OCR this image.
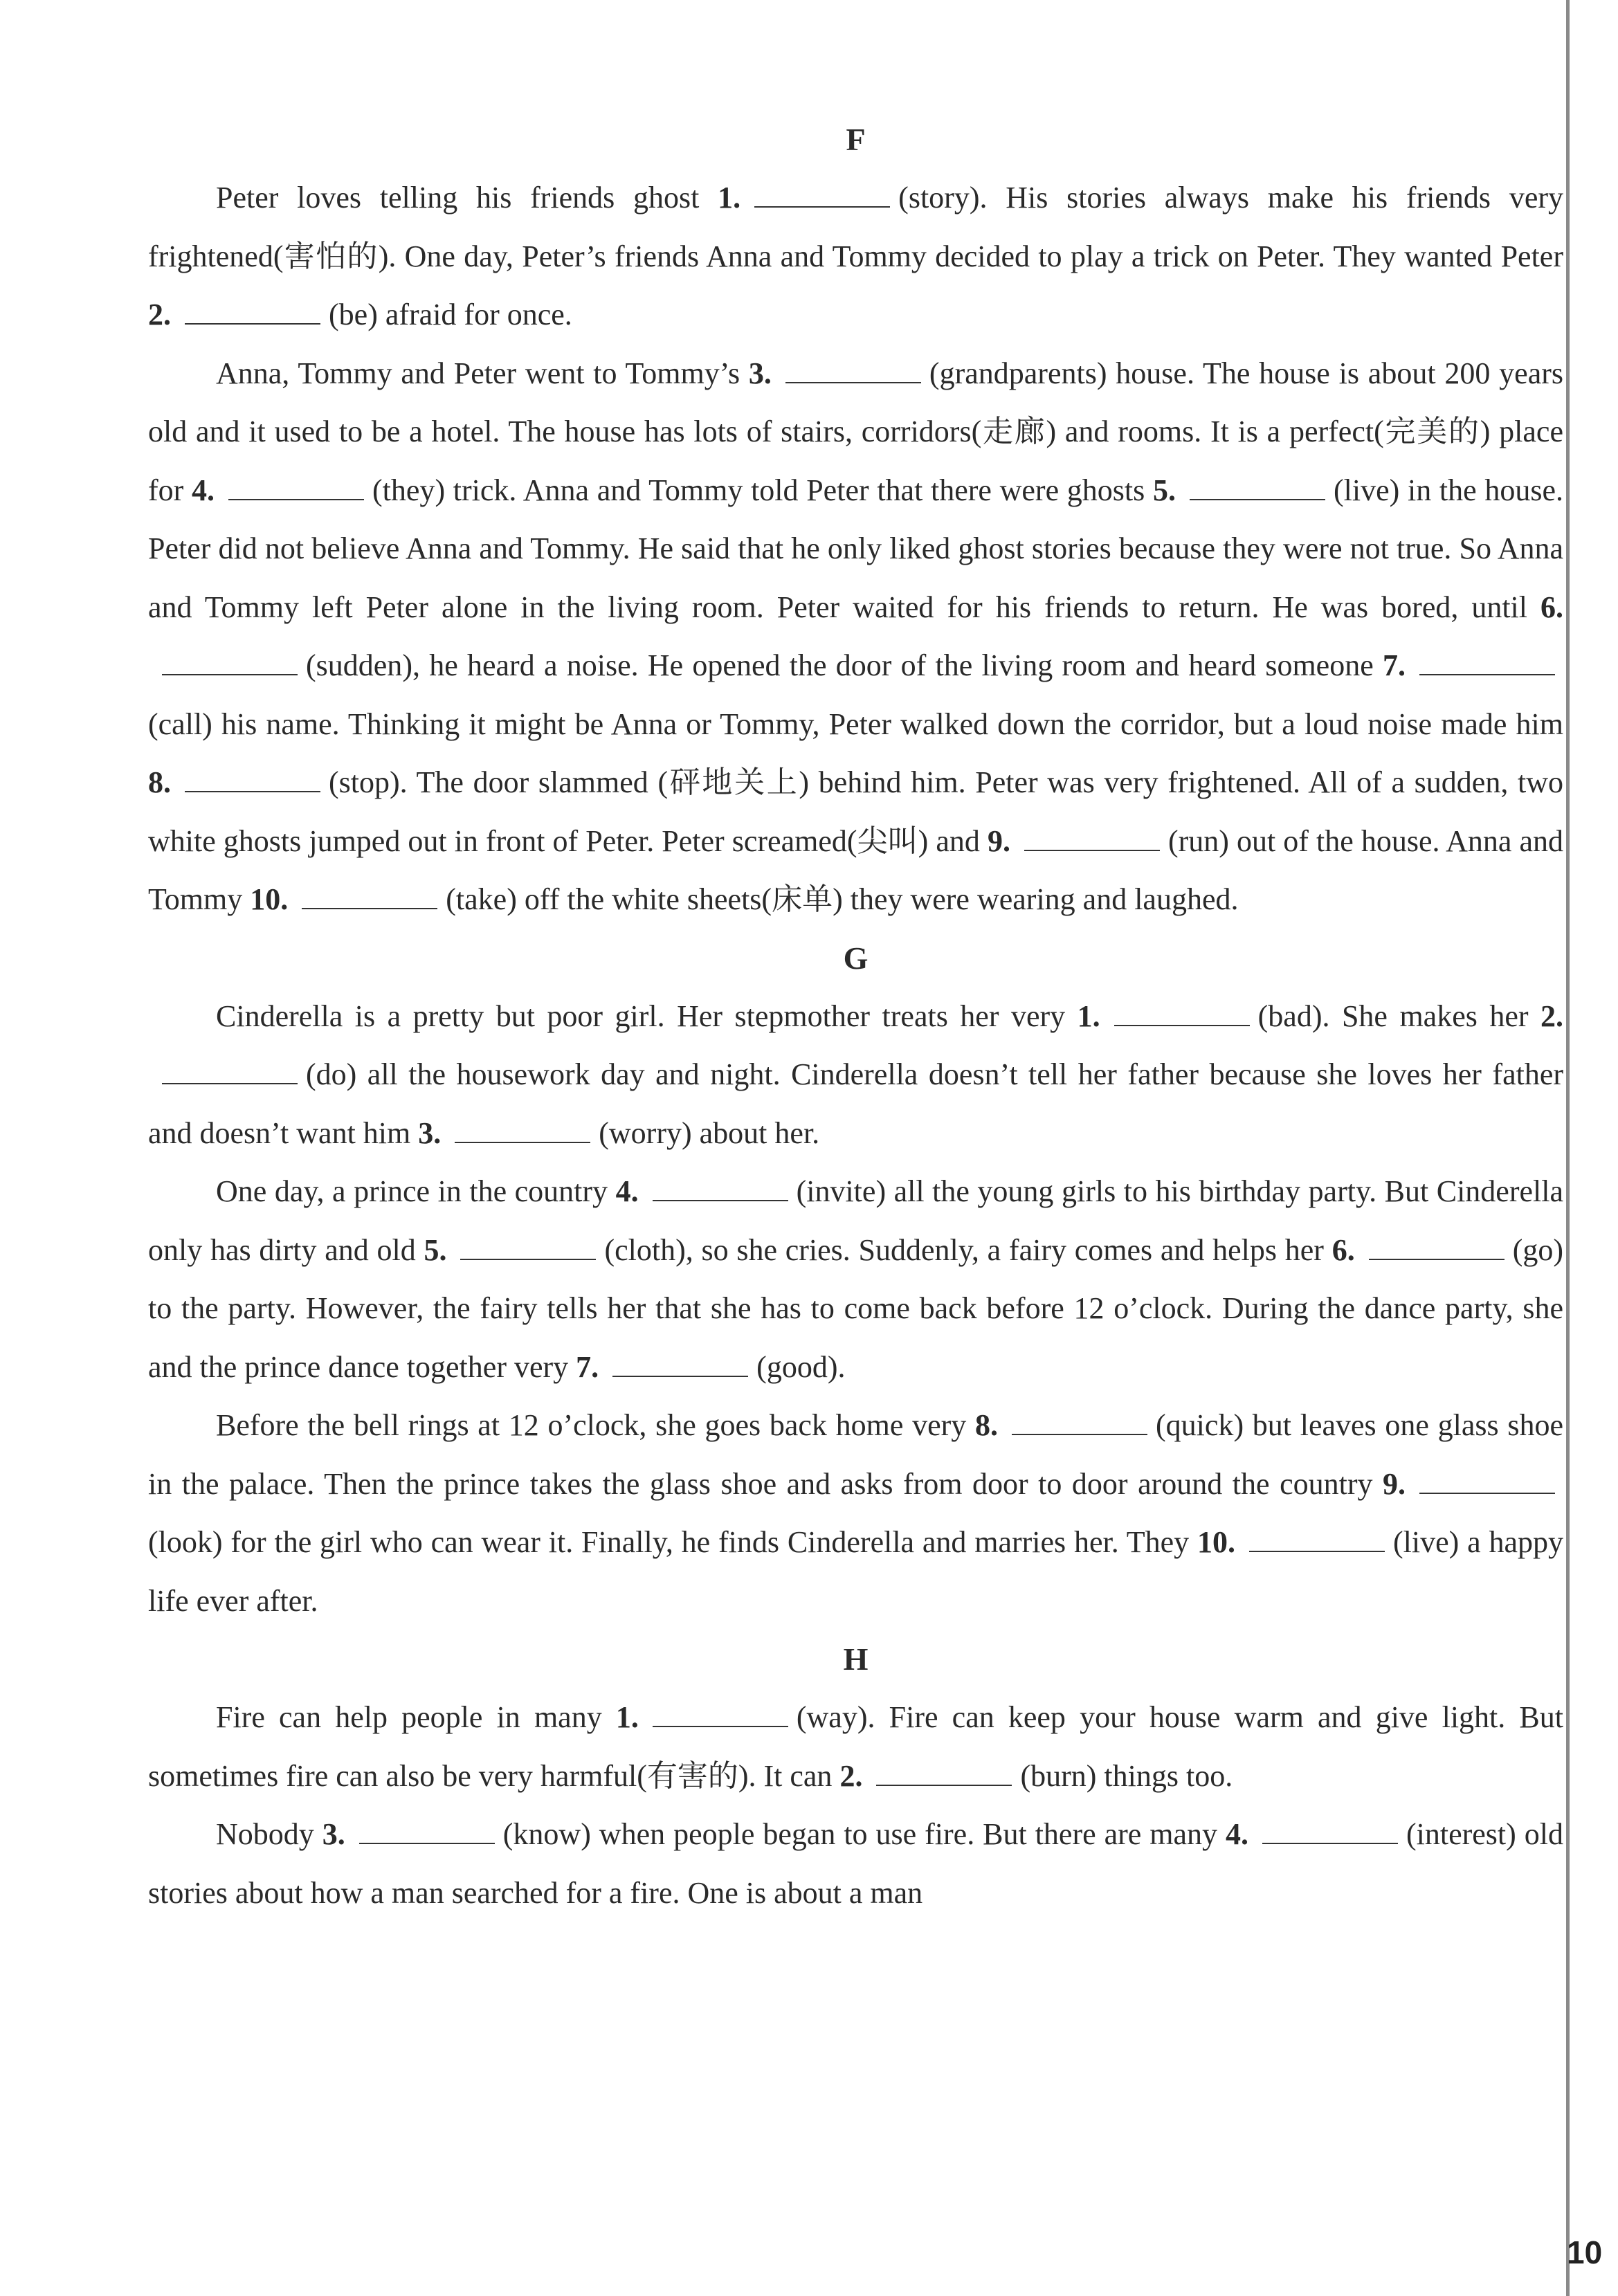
F

Peter loves telling his friends ghost 1.	(story). His stories always make his friends very frightened(害怕的). One day, Peter’s friends Anna and Tommy decided to play a trick on Peter. They wanted Peter 2.	(be) afraid for once.

Anna, Tommy and Peter went to Tommy’s 3.	(grandparents) house. The house is about 200 years old and it used to be a hotel. The house has lots of stairs, corridors(走廊) and rooms. It is a perfect(完美的) place for 4.	(they) trick. Anna and Tommy told Peter that there were ghosts 5.	(live) in the house. Peter did not believe Anna and Tommy. He said that he only liked ghost stories because they were not true. So Anna and Tommy left Peter alone in the living room. Peter waited for his friends to return. He was bored, until 6.(sudden), he heard a noise. He opened the door of the living room and heard someone 7.(call) his name. Thinking it might be Anna or Tommy, Peter walked down the corridor, but a loud noise made him 8.	(stop). The door slammed (砰地关上) behind him. Peter was very frightened. All of a sudden, two white ghosts jumped out in front of Peter. Peter screamed(尖叫) and 9.	(run) out of the house. Anna and Tommy 10.	(take) off the white sheets(床单) they were wearing and laughed.

G

Cinderella is a pretty but poor girl. Her stepmother treats her very 1.	(bad). She makes her 2.(do) all the housework day and night. Cinderella doesn’t tell her father because she loves her father and doesn’t want him 3.	(worry) about her.

One day, a prince in the country 4.	(invite) all the young girls to his birthday party. But Cinderella only has dirty and old 5.	(cloth), so she cries. Suddenly, a fairy comes and helps her 6.	(go) to the party. However, the fairy tells her that she has to come back before 12 o’clock. During the dance party, she and the prince dance together very 7.	(good).

Before the bell rings at 12 o’clock, she goes back home very 8.	(quick) but leaves one glass shoe in the palace. Then the prince takes the glass shoe and asks from door to door around the country 9.(look) for the girl who can wear it. Finally, he finds Cinderella and marries her. They 10.	(live) a happy life ever after.

H

Fire can help people in many 1.	(way). Fire can keep your house warm and give light. But sometimes fire can also be very harmful(有害的). It can 2.	(burn) things too.

Nobody 3.	(know) when people began to use fire. But there are many 4.	(interest) old stories about how a man searched for a fire. One is about a man

10
